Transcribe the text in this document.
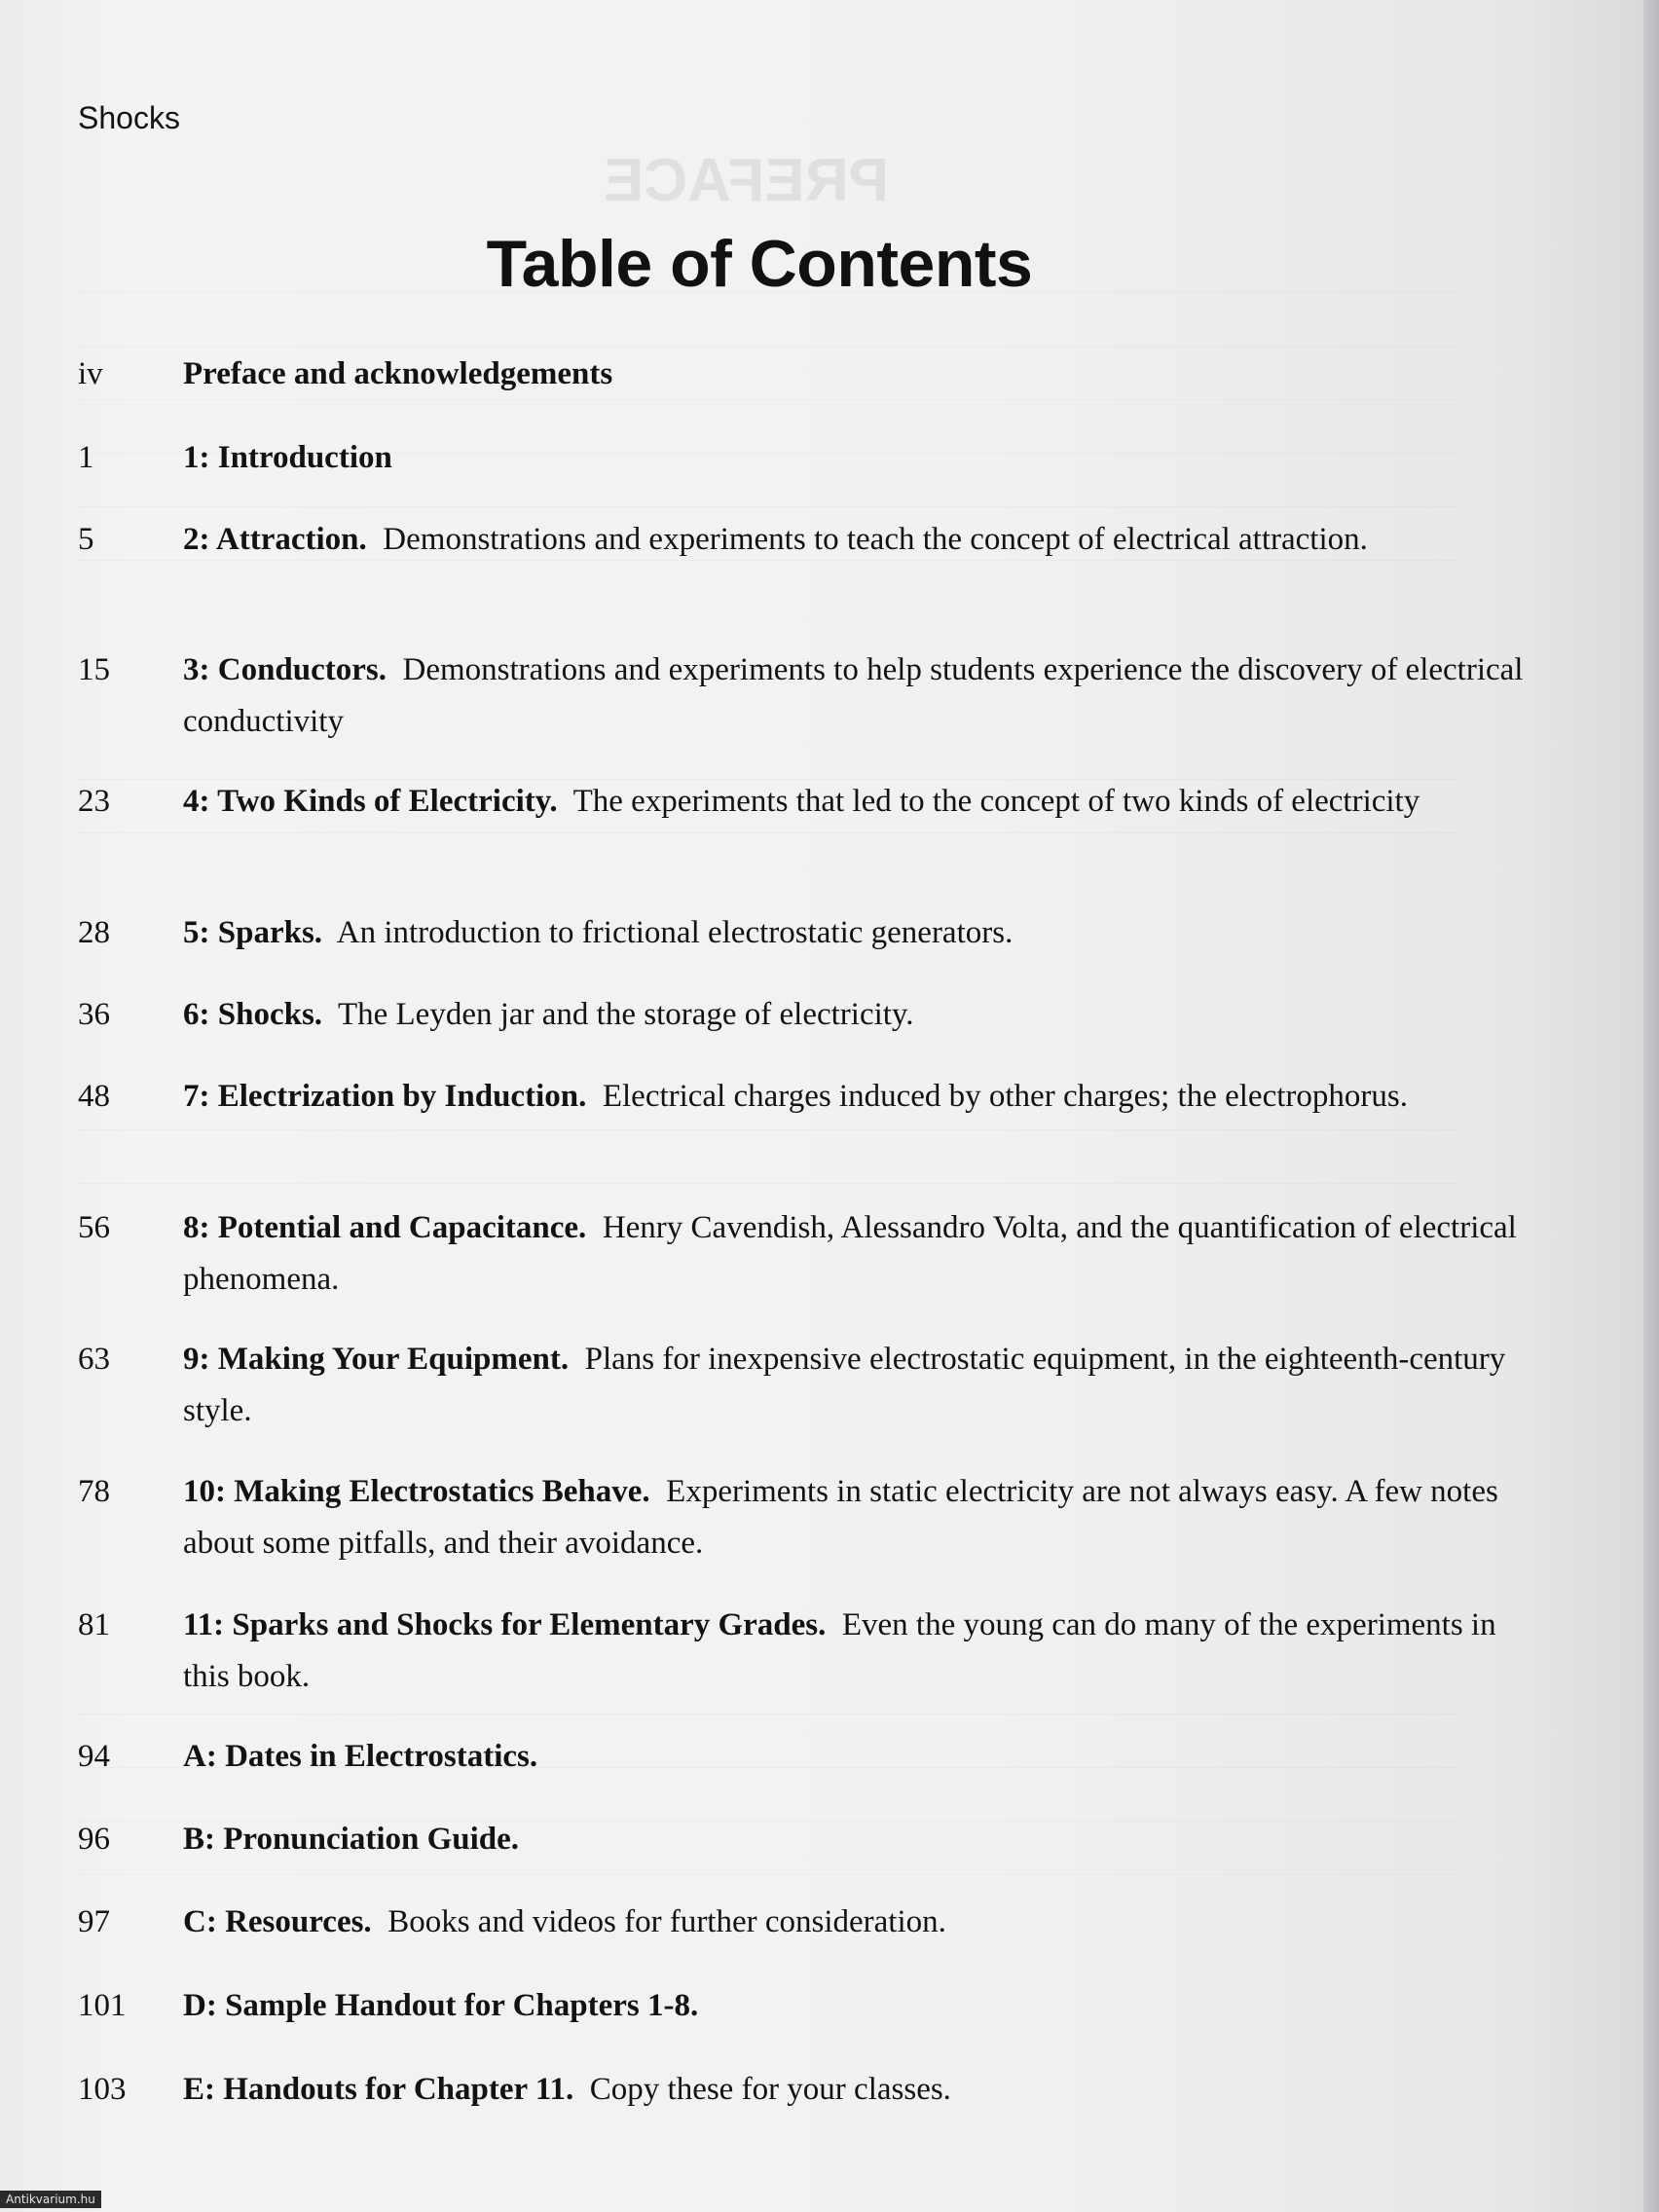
PREFACE
Shocks
Table of Contents
iv Preface and acknowledgements
1	1: Introduction
5	2: Attraction. Demonstrations and experiments to teach the concept of electrical attraction.
15 3: Conductors. Demonstrations and experiments to help students experience the discovery of electrical conductivity
23 4: Two Kinds of Electricity. The experiments that led to the concept of two kinds of electricity
28 5: Sparks. An introduction to frictional electrostatic generators.
36 6: Shocks. The Leyden jar and the storage of electricity.
48 7: Electrization by Induction. Electrical charges induced by other charges; the electrophorus.
56 8: Potential and Capacitance. Henry Cavendish, Alessandro Volta, and the quantification of electrical phenomena.
63 9: Making Your Equipment. Plans for inexpensive electrostatic equipment, in the eighteenth-century style.
78 10: Making Electrostatics Behave. Experiments in static electricity are not always easy. A few notes about some pitfalls, and their avoidance.
81 11: Sparks and Shocks for Elementary Grades. Even the young can do many of the experiments in this book.
94 A: Dates in Electrostatics.
96 B: Pronunciation Guide.
97 C: Resources. Books and videos for further consideration.
101 D: Sample Handout for Chapters 1-8.
103 E: Handouts for Chapter 11. Copy these for your classes.
Antikvarium.hu
